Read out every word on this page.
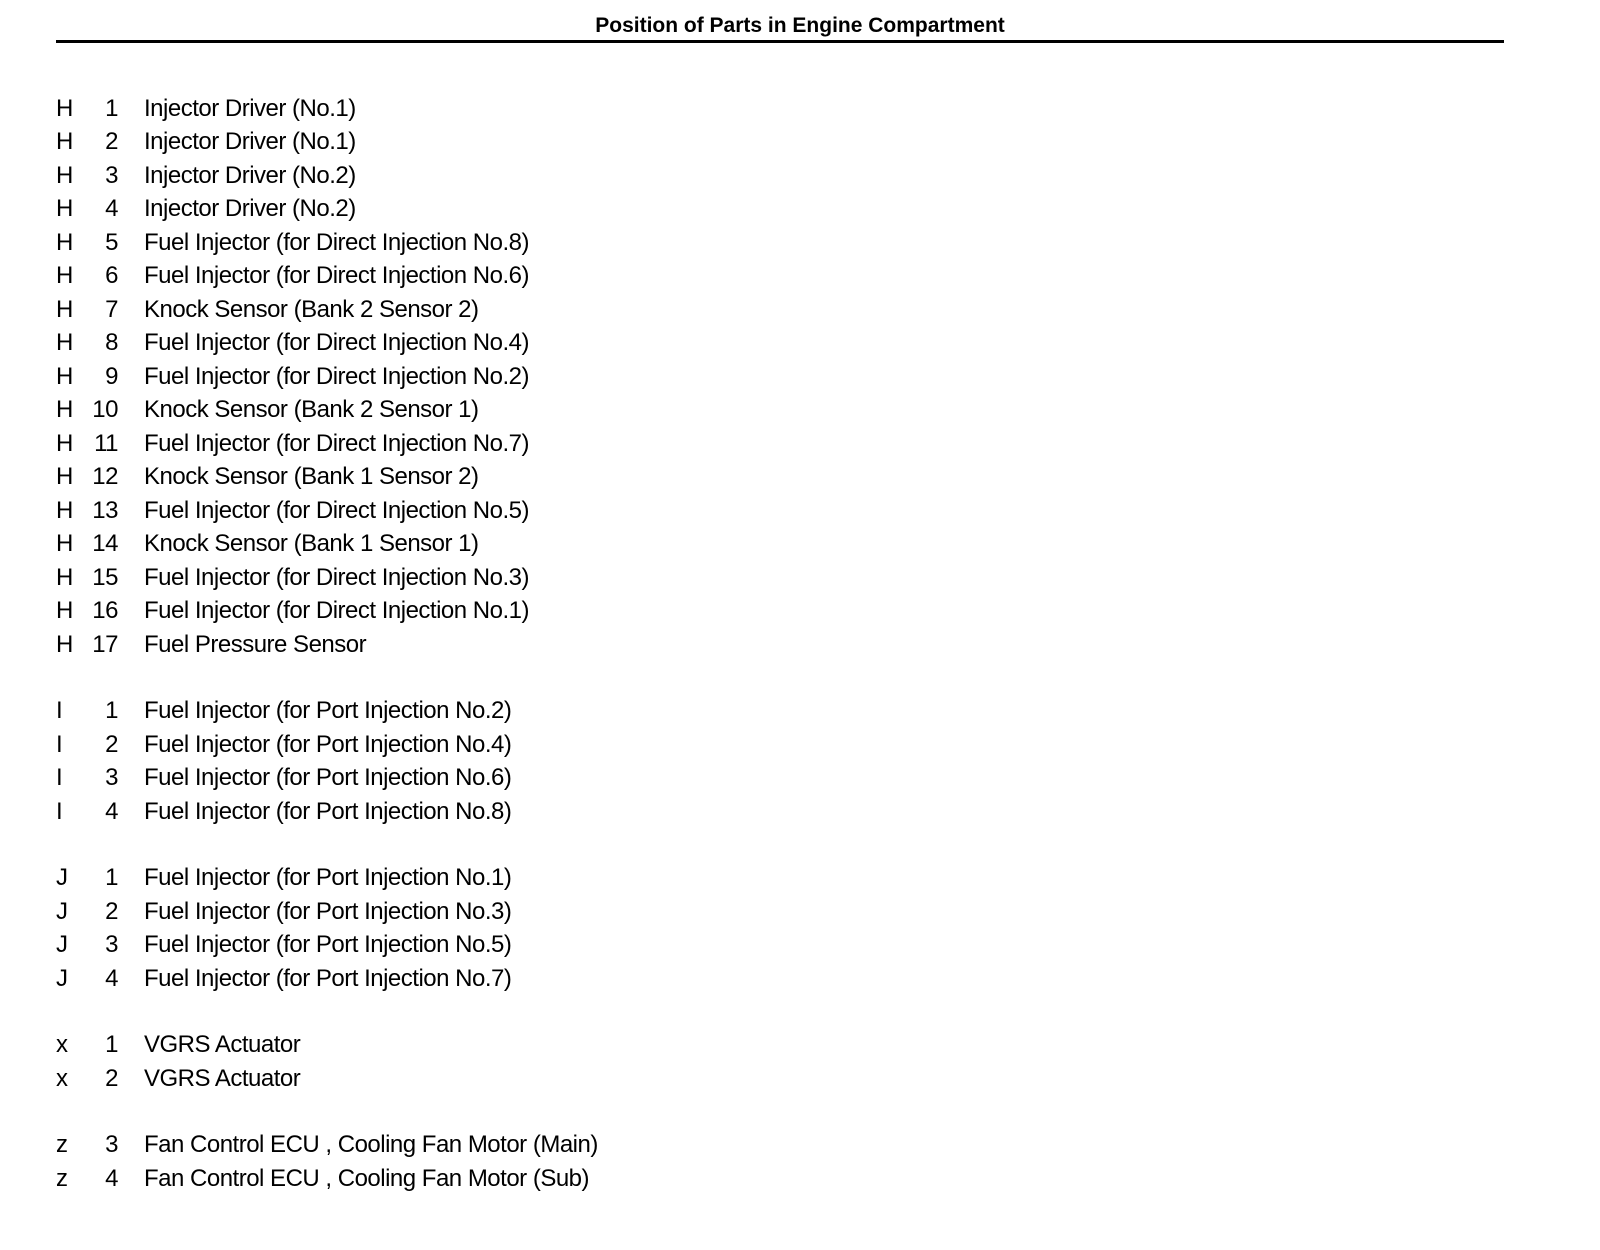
Position of Parts in Engine Compartment
H	1 Injector Driver (No.1)
H	2 Injector Driver (No.1)
H	3 Injector Driver (No.2)
H	4 Injector Driver (No.2)
H	5 Fuel Injector (for Direct Injection No.8)
H	6 Fuel Injector (for Direct Injection No.6)
H	7 Knock Sensor (Bank 2 Sensor 2)
H	8 Fuel Injector (for Direct Injection No.4)
H	9 Fuel Injector (for Direct Injection No.2)
H 10 Knock Sensor (Bank 2 Sensor 1)
H 11 Fuel Injector (for Direct Injection No.7)
H 12 Knock Sensor (Bank 1 Sensor 2)
H 13 Fuel Injector (for Direct Injection No.5)
H 14 Knock Sensor (Bank 1 Sensor 1)
H 15 Fuel Injector (for Direct Injection No.3)
H 16 Fuel Injector (for Direct Injection No.1)
H 17 Fuel Pressure Sensor
I	1 Fuel Injector (for Port Injection No.2)
I	2 Fuel Injector (for Port Injection No.4)
I	3 Fuel Injector (for Port Injection No.6)
I	4 Fuel Injector (for Port Injection No.8)
J	1 Fuel Injector (for Port Injection No.1)
J	2 Fuel Injector (for Port Injection No.3)
J	3 Fuel Injector (for Port Injection No.5)
J	4 Fuel Injector (for Port Injection No.7)
x	1 VGRS Actuator
x	2 VGRS Actuator
z	3 Fan Control ECU , Cooling Fan Motor (Main)
z	4 Fan Control ECU , Cooling Fan Motor (Sub)
